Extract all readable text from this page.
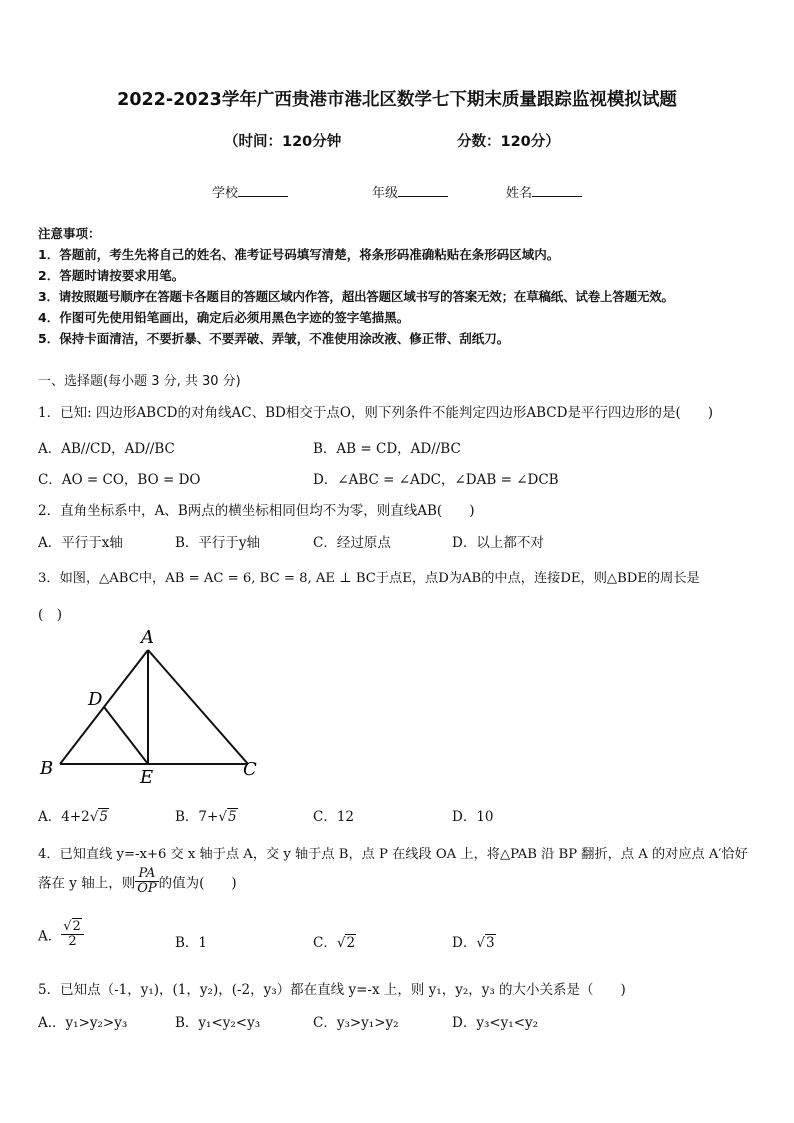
2022-2023学年广西贵港市港北区数学七下期末质量跟踪监视模拟试题
（时间：120分钟	分数：120分）
学校	年级	姓名
注意事项：
1．答题前，考生先将自己的姓名、准考证号码填写清楚，将条形码准确粘贴在条形码区域内。
2．答题时请按要求用笔。
3．请按照题号顺序在答题卡各题目的答题区域内作答，超出答题区域书写的答案无效；在草稿纸、试卷上答题无效。
4．作图可先使用铅笔画出，确定后必须用黑色字迹的签字笔描黑。
5．保持卡面清洁，不要折暴、不要弄破、弄皱，不准使用涂改液、修正带、刮纸刀。
一、选择题(每小题 3 分, 共 30 分)
1．已知: 四边形ABCD的对角线AC、BD相交于点O，则下列条件不能判定四边形ABCD是平行四边形的是(　　)
A．AB//CD，AD//BC	B．AB = CD，AD//BC
C．AO = CO，BO = DO	D．∠ABC = ∠ADC，∠DAB = ∠DCB
2．直角坐标系中，A、B两点的横坐标相同但均不为零，则直线AB(　　)
A．平行于x轴	B．平行于y轴	C．经过原点	D．以上都不对
3．如图，△ABC中，AB = AC = 6, BC = 8, AE ⊥ BC于点E，点D为AB的中点，连接DE，则△BDE的周长是
(　)
A
D
B	E	C
A．4+2√5	B．7+√5	C．12	D．10
4．已知直线 y=-x+6 交 x 轴于点 A，交 y 轴于点 B，点 P 在线段 OA 上，将△PAB 沿 BP 翻折，点 A 的对应点 A′恰好
落在 y 轴上，则 $\frac{PA}{OP}$ 的值为(　　)
A． $\frac{√2}{2}$	B．1	C．√2	D．√3
5．已知点（-1，y₁)，(1，y₂)，(-2，y₃）都在直线 y=-x 上，则 y₁，y₂，y₃ 的大小关系是（　　)
A.．y₁>y₂>y₃	B．y₁<y₂<y₃	C．y₃>y₁>y₂	D．y₃<y₁<y₂
